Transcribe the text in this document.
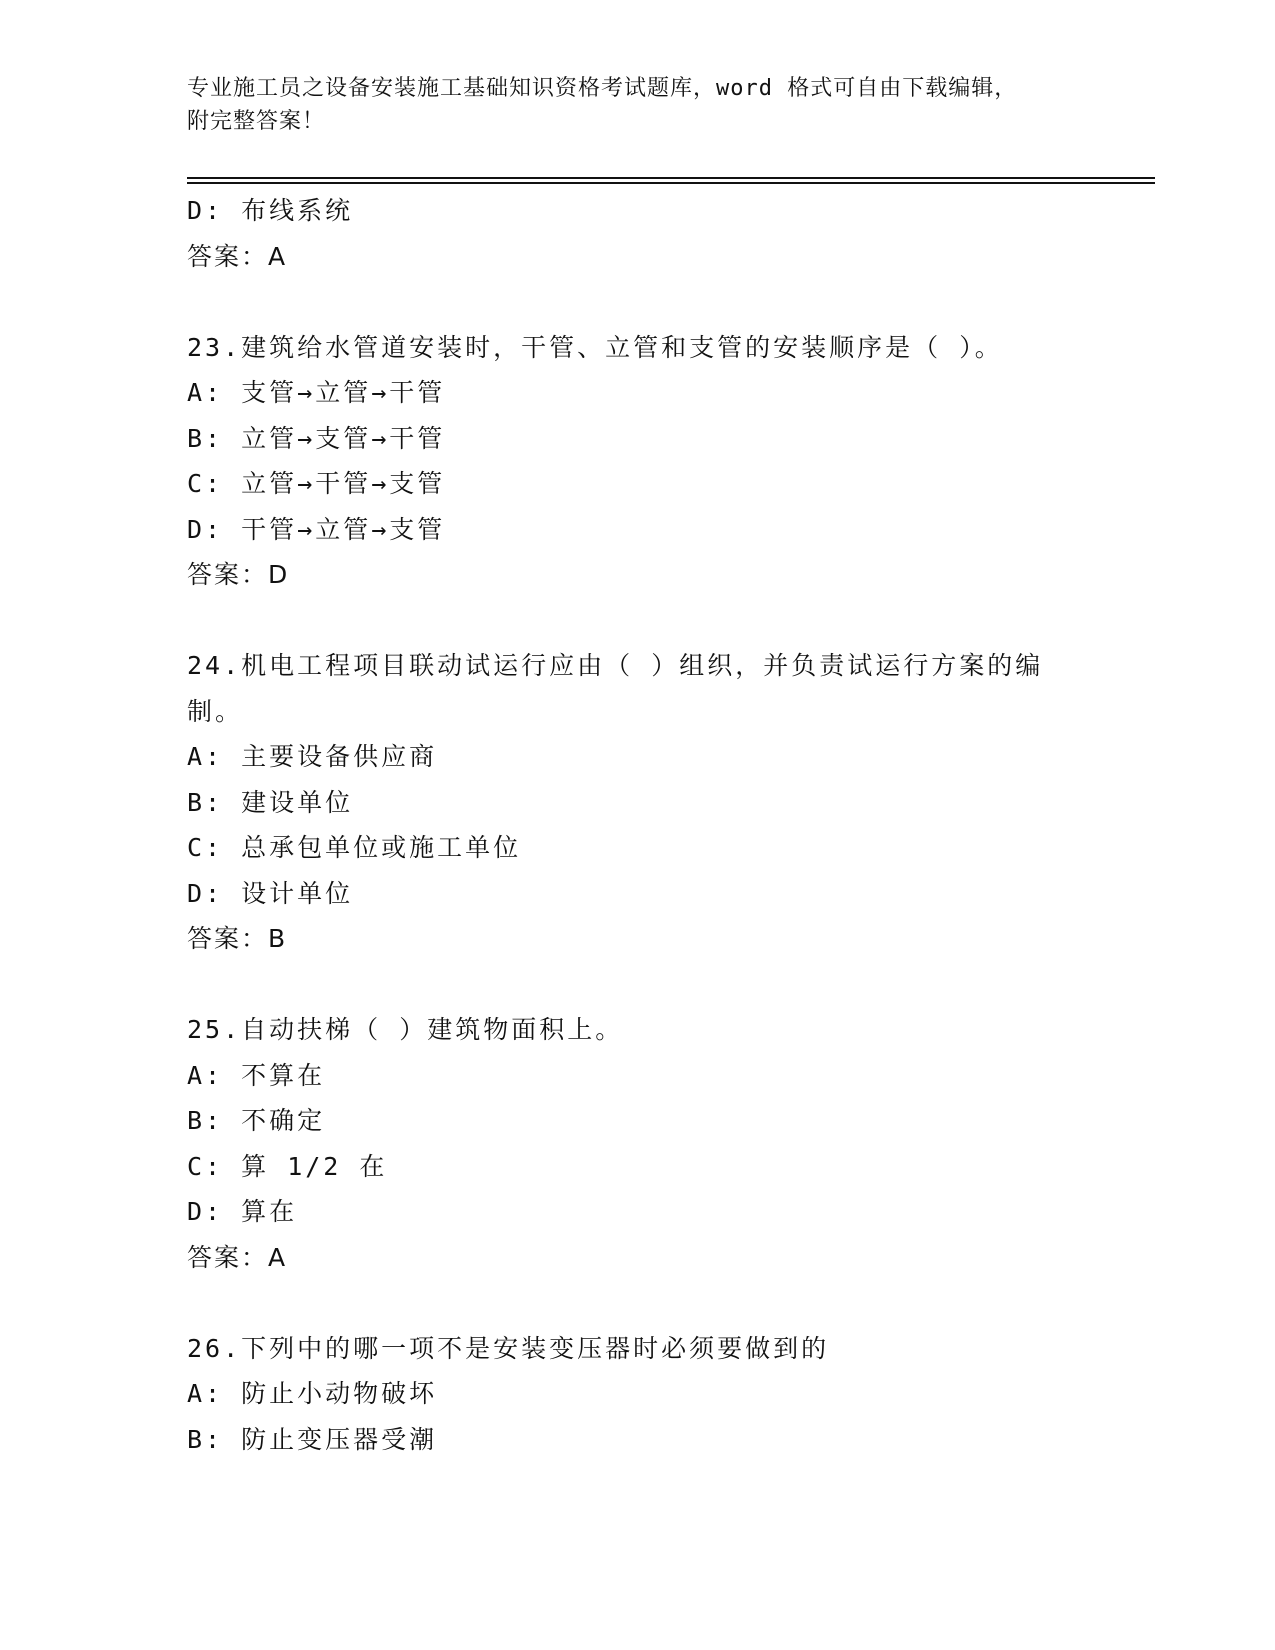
专业施工员之设备安装施工基础知识资格考试题库，word 格式可自由下载编辑，
附完整答案！
D: 布线系统
答案：A
23.建筑给水管道安装时，干管、立管和支管的安装顺序是（ ）。
A: 支管→立管→干管
B: 立管→支管→干管
C: 立管→干管→支管
D: 干管→立管→支管
答案：D
24.机电工程项目联动试运行应由（ ）组织，并负责试运行方案的编制。
A: 主要设备供应商
B: 建设单位
C: 总承包单位或施工单位
D: 设计单位
答案：B
25.自动扶梯（ ）建筑物面积上。
A: 不算在
B: 不确定
C: 算 1/2 在
D: 算在
答案：A
26.下列中的哪一项不是安装变压器时必须要做到的
A: 防止小动物破坏
B: 防止变压器受潮
